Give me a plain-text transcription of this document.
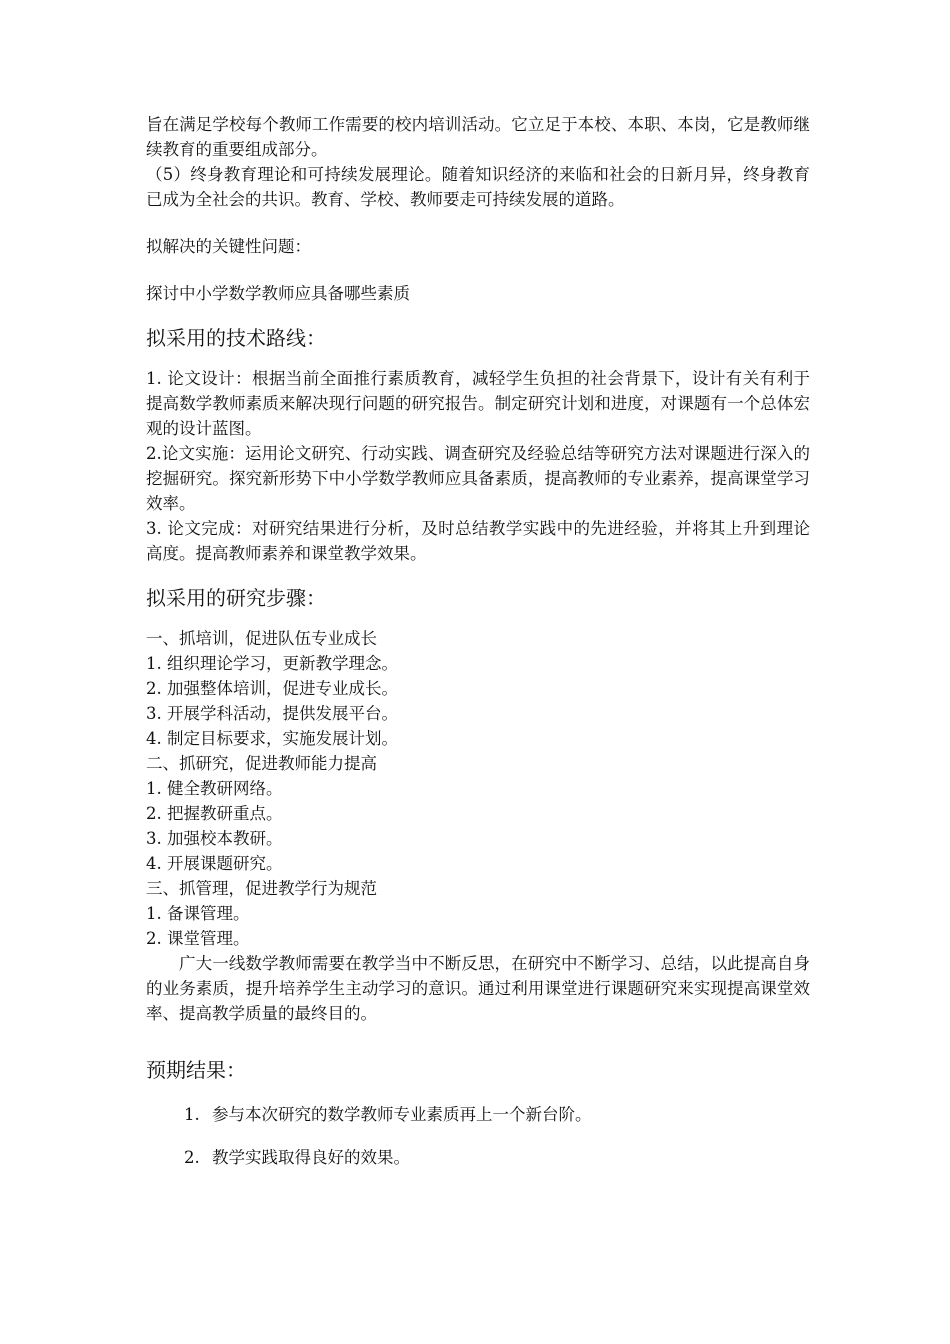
旨在满足学校每个教师工作需要的校内培训活动。它立足于本校、本职、本岗，它是教师继续教育的重要组成部分。

（5）终身教育理论和可持续发展理论。随着知识经济的来临和社会的日新月异，终身教育已成为全社会的共识。教育、学校、教师要走可持续发展的道路。

拟解决的关键性问题：

探讨中小学数学教师应具备哪些素质

拟采用的技术路线：

1. 论文设计：根据当前全面推行素质教育，减轻学生负担的社会背景下，设计有关有利于提高数学教师素质来解决现行问题的研究报告。制定研究计划和进度，对课题有一个总体宏观的设计蓝图。

2.论文实施：运用论文研究、行动实践、调查研究及经验总结等研究方法对课题进行深入的挖掘研究。探究新形势下中小学数学教师应具备素质，提高教师的专业素养，提高课堂学习效率。

3. 论文完成：对研究结果进行分析，及时总结教学实践中的先进经验，并将其上升到理论高度。提高教师素养和课堂教学效果。

拟采用的研究步骤：
一、抓培训，促进队伍专业成长
1. 组织理论学习，更新教学理念。
2. 加强整体培训，促进专业成长。
3. 开展学科活动，提供发展平台。
4. 制定目标要求，实施发展计划。
二、抓研究，促进教师能力提高
1. 健全教研网络。
2. 把握教研重点。
3. 加强校本教研。
4. 开展课题研究。
三、抓管理，促进教学行为规范
1. 备课管理。
2. 课堂管理。

广大一线数学教师需要在教学当中不断反思，在研究中不断学习、总结，以此提高自身的业务素质，提升培养学生主动学习的意识。通过利用课堂进行课题研究来实现提高课堂效率、提高教学质量的最终目的。

预期结果：
1. 参与本次研究的数学教师专业素质再上一个新台阶。
2. 教学实践取得良好的效果。
